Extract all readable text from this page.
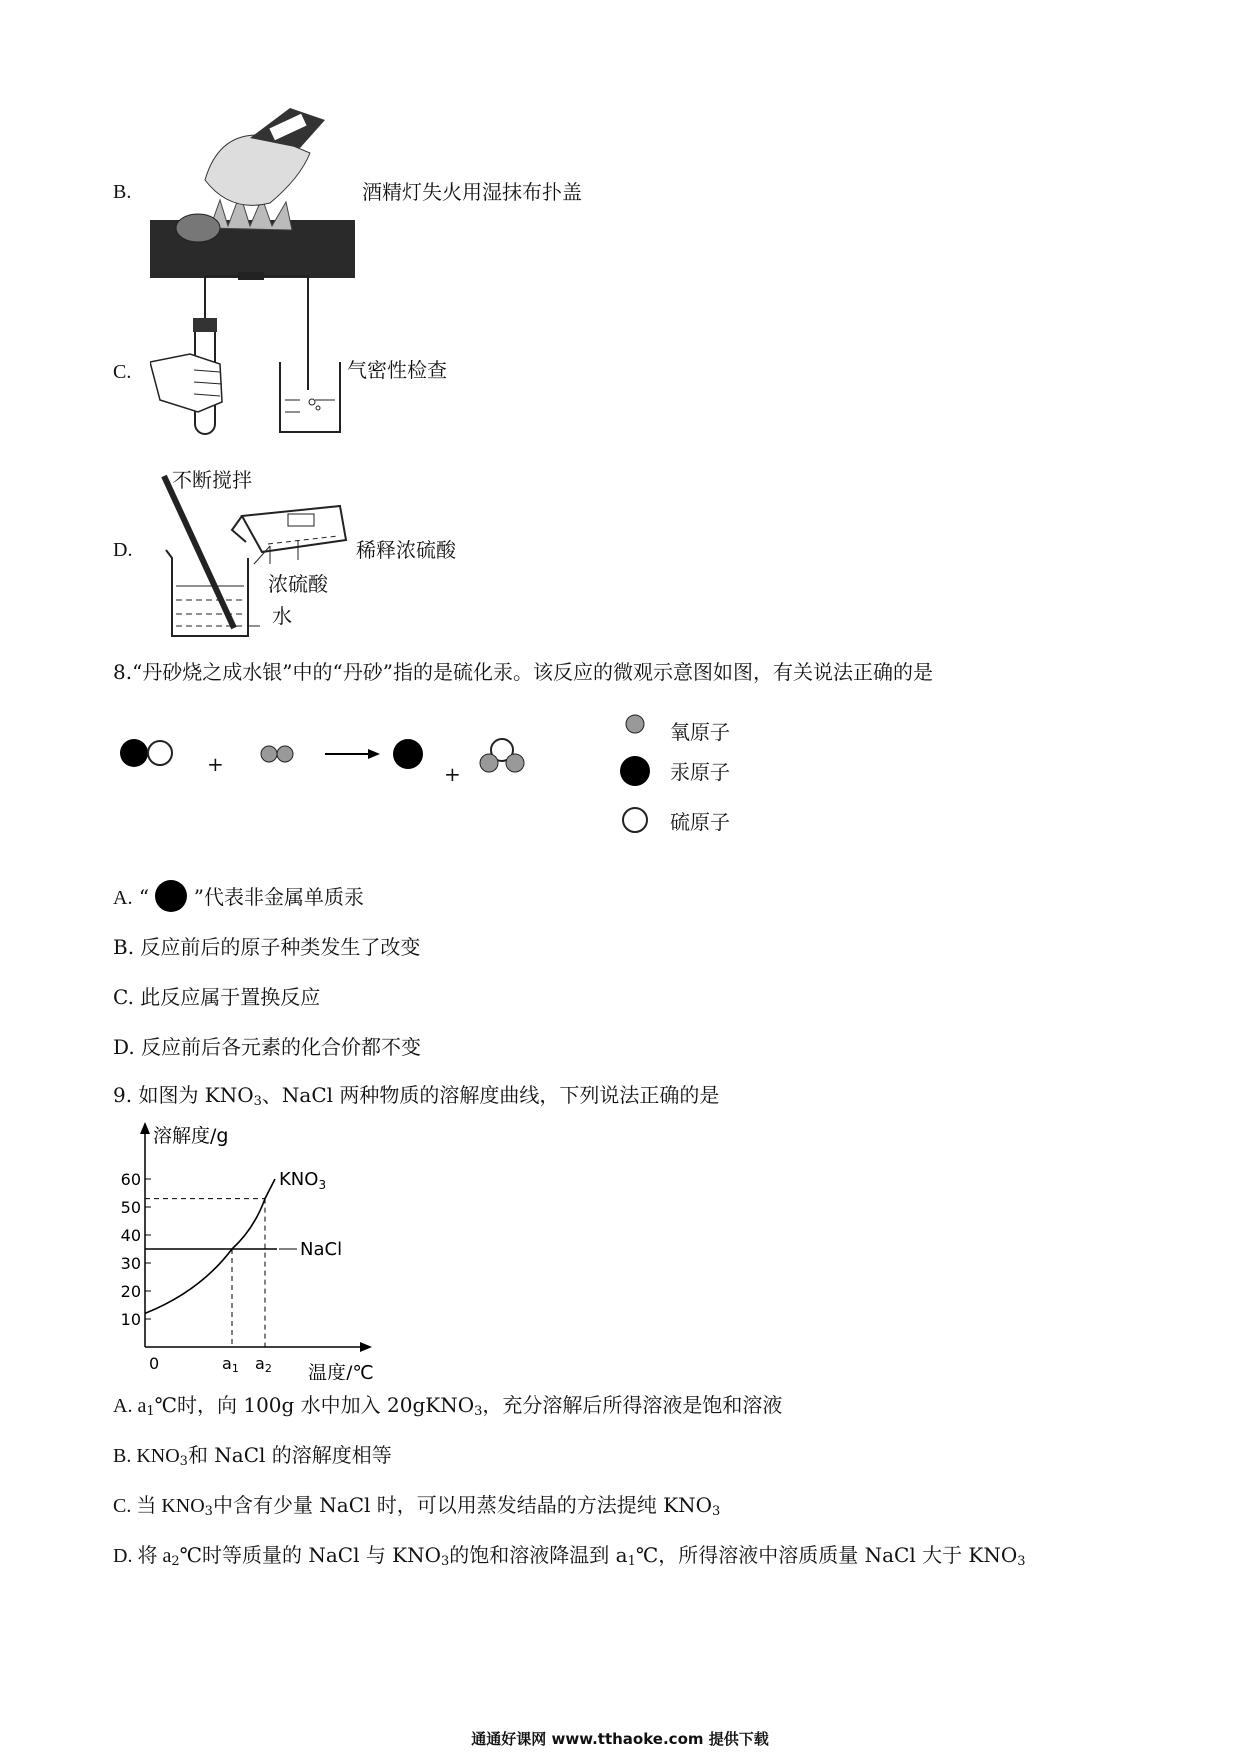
B.	酒精灯失火用湿抹布扑盖
C.	气密性检查
D.
不断搅拌
浓硫酸
水
稀释浓硫酸
8.“丹砂烧之成水银”中的“丹砂”指的是硫化汞。该反应的微观示意图如图，有关说法正确的是
+	+
氧原子
汞原子
硫原子
A. “ ”代表非金属单质汞
B. 反应前后的原子种类发生了改变
C. 此反应属于置换反应
D. 反应前后各元素的化合价都不变
9. 如图为 $KNO_3$、NaCl 两种物质的溶解度曲线，下列说法正确的是
溶解度/g
0	温度/℃
10
20
30
40
50
60
a1 a2
NaCl
$KNO_3$
A. $a_1℃$时，向 100g 水中加入 20gKNO$_3$，充分溶解后所得溶液是饱和溶液
B. $KNO_3$和 NaCl 的溶解度相等
C. 当 $KNO_3$中含有少量 NaCl 时，可以用蒸发结晶的方法提纯 $KNO_3$
D. 将 $a_2℃$时等质量的 NaCl 与 $KNO_3$的饱和溶液降温到 $a_1℃$，所得溶液中溶质质量 NaCl 大于 $KNO_3$
通通好课网 www.tthaoke.com 提供下载
